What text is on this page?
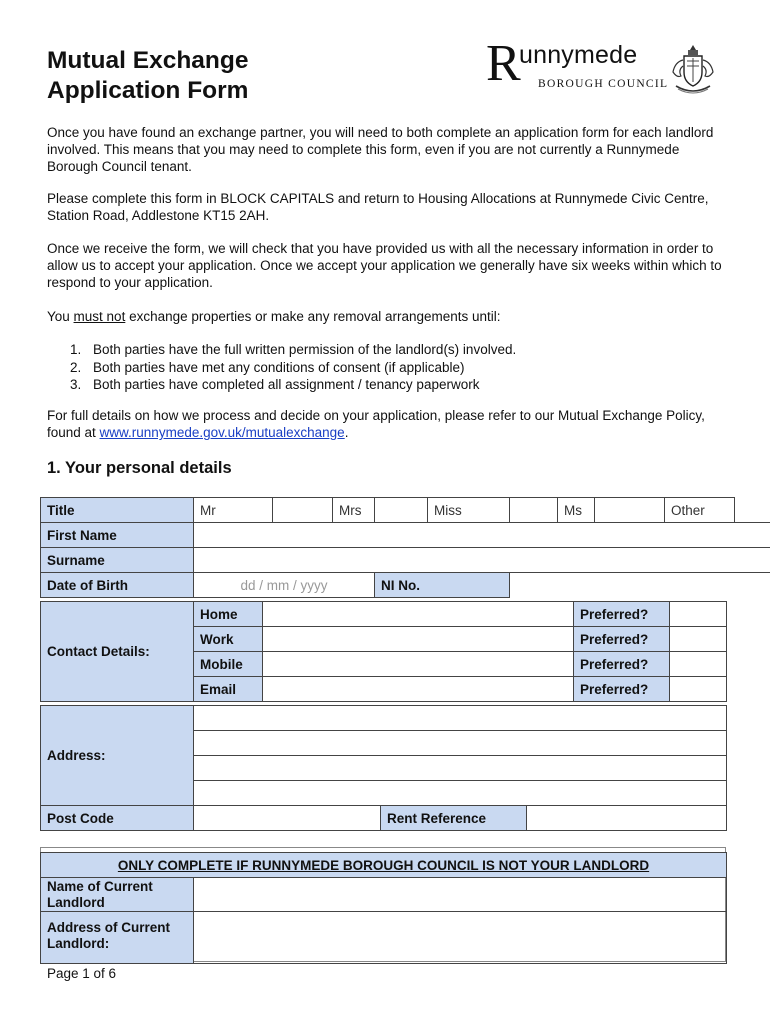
Mutual Exchange
Application Form	R
unnymede
BOROUGH COUNCIL

Once you have found an exchange partner, you will need to both complete an application form for each landlord involved. This means that you may need to complete this form, even if you are not currently a Runnymede Borough Council tenant.

Please complete this form in BLOCK CAPITALS and return to Housing Allocations at Runnymede Civic Centre, Station Road, Addlestone KT15 2AH.

Once we receive the form, we will check that you have provided us with all the necessary information in order to allow us to accept your application. Once we accept your application we generally have six weeks within which to respond to your application.

You must not exchange properties or make any removal arrangements until:

1. Both parties have the full written permission of the landlord(s) involved.
2. Both parties have met any conditions of consent (if applicable)
3. Both parties have completed all assignment / tenancy paperwork

For full details on how we process and decide on your application, please refer to our Mutual Exchange Policy, found at www.runnymede.gov.uk/mutualexchange.

1. Your personal details
Title	Mr		Mrs		Miss		Ms		Other	
First Name										
Surname										
Date of Birth	dd / mm / yyyy			NI No.						
Contact Details:	Home		Preferred?	
	Work		Preferred?	
	Mobile		Preferred?	
	Email		Preferred?	
Address:			

Post Code		Rent Reference	
ONLY COMPLETE IF RUNNYMEDE BOROUGH COUNCIL IS NOT YOUR LANDLORD	
Name of Current Landlord	
Address of Current Landlord:	
Page 1 of 6
